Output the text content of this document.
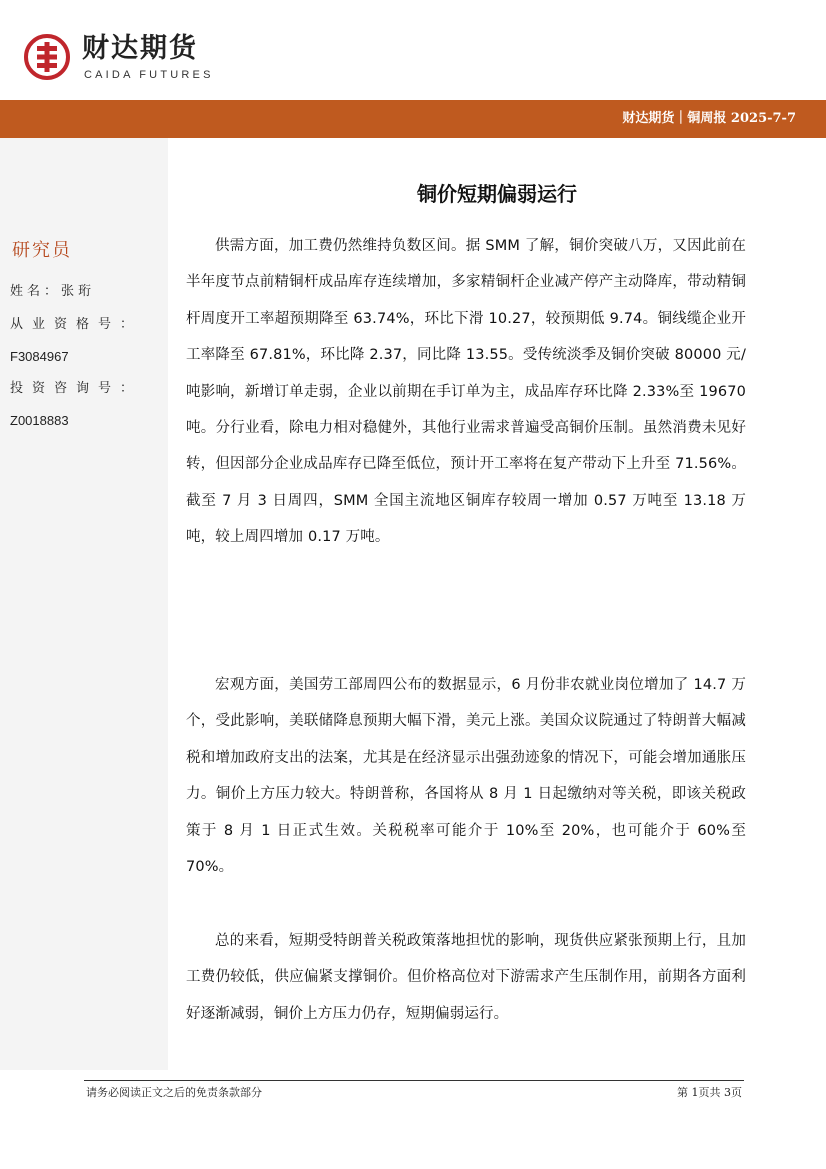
财达期货
CAIDA FUTURES
财达期货｜铜周报 2025-7-7
研究员
姓名：张珩
从业资格号：
F3084967
投资咨询号：
Z0018883
铜价短期偏弱运行

供需方面，加工费仍然维持负数区间。据 SMM 了解，铜价突破八万，又因此前在半年度节点前精铜杆成品库存连续增加，多家精铜杆企业减产停产主动降库，带动精铜杆周度开工率超预期降至 63.74%，环比下滑 10.27，较预期低 9.74。铜线缆企业开工率降至 67.81%，环比降 2.37，同比降 13.55。受传统淡季及铜价突破 80000 元/吨影响，新增订单走弱，企业以前期在手订单为主，成品库存环比降 2.33%至 19670 吨。分行业看，除电力相对稳健外，其他行业需求普遍受高铜价压制。虽然消费未见好转，但因部分企业成品库存已降至低位，预计开工率将在复产带动下上升至 71.56%。截至 7 月 3 日周四，SMM 全国主流地区铜库存较周一增加 0.57 万吨至 13.18 万吨，较上周四增加 0.17 万吨。

宏观方面，美国劳工部周四公布的数据显示，6 月份非农就业岗位增加了 14.7 万个，受此影响，美联储降息预期大幅下滑，美元上涨。美国众议院通过了特朗普大幅减税和增加政府支出的法案，尤其是在经济显示出强劲迹象的情况下，可能会增加通胀压力。铜价上方压力较大。特朗普称，各国将从 8 月 1 日起缴纳对等关税，即该关税政策于 8 月 1 日正式生效。关税税率可能介于 10%至 20%，也可能介于 60%至 70%。

总的来看，短期受特朗普关税政策落地担忧的影响，现货供应紧张预期上行，且加工费仍较低，供应偏紧支撑铜价。但价格高位对下游需求产生压制作用，前期各方面利好逐渐减弱，铜价上方压力仍存，短期偏弱运行。

请务必阅读正文之后的免责条款部分	第 1页共 3页
